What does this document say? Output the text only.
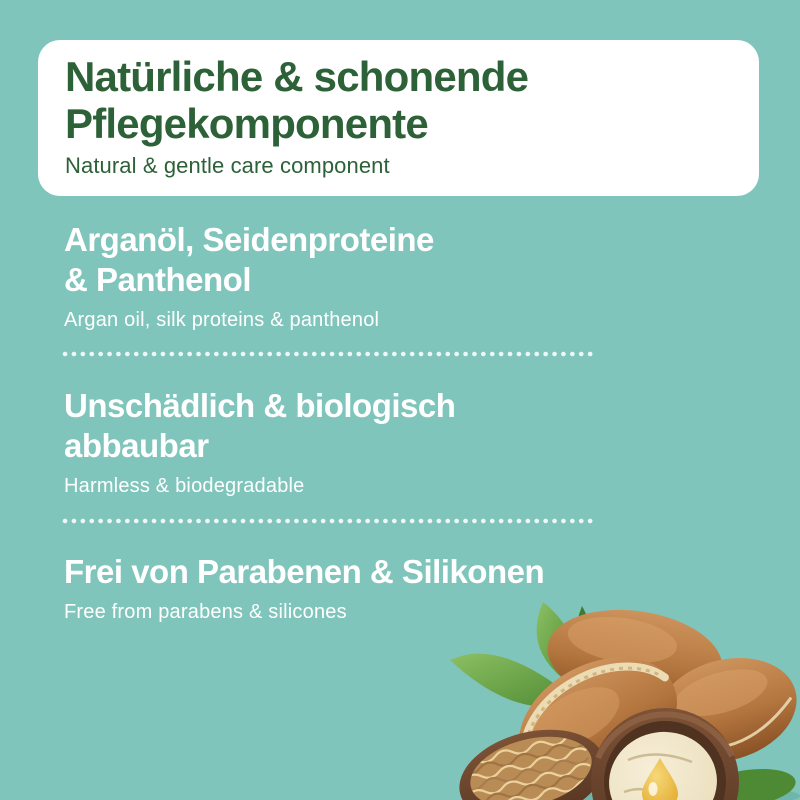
Natürliche & schonende
Pflegekomponente
Natural & gentle care component
Arganöl, Seidenproteine
& Panthenol
Argan oil, silk proteins & panthenol
Unschädlich & biologisch
abbaubar
Harmless & biodegradable
Frei von Parabenen & Silikonen
Free from parabens & silicones
